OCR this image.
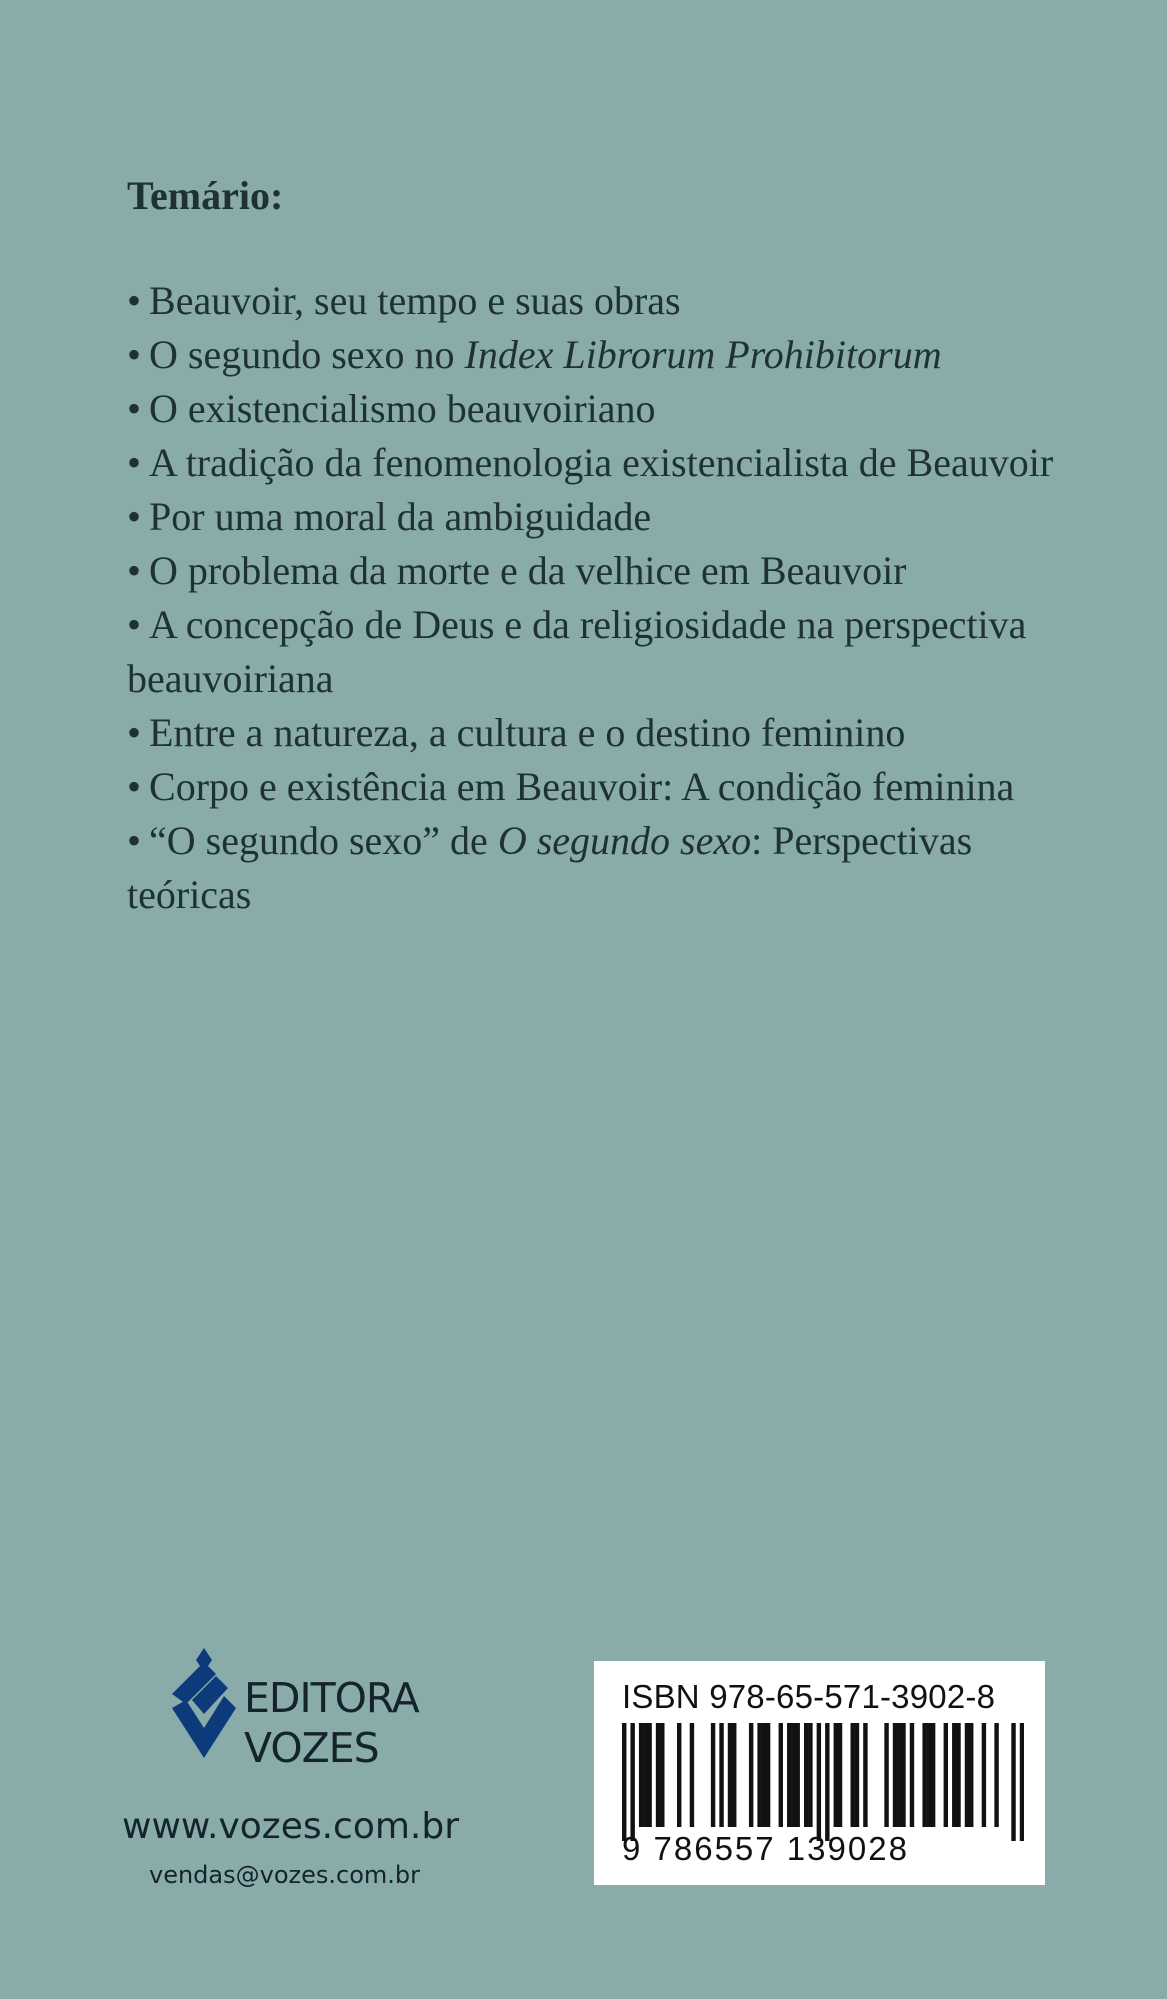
Temário:
• Beauvoir, seu tempo e suas obras
• O segundo sexo no Index Librorum Prohibitorum
• O existencialismo beauvoiriano
• A tradição da fenomenologia existencialista de Beauvoir
• Por uma moral da ambiguidade
• O problema da morte e da velhice em Beauvoir
• A concepção de Deus e da religiosidade na perspectiva beauvoiriana
• Entre a natureza, a cultura e o destino feminino
• Corpo e existência em Beauvoir: A condição feminina
• “O segundo sexo” de O segundo sexo: Perspectivas teóricas
EDITORA
VOZES
www.vozes.com.br
vendas@vozes.com.br
ISBN 978-65-571-3902-8
9 786557 139028
